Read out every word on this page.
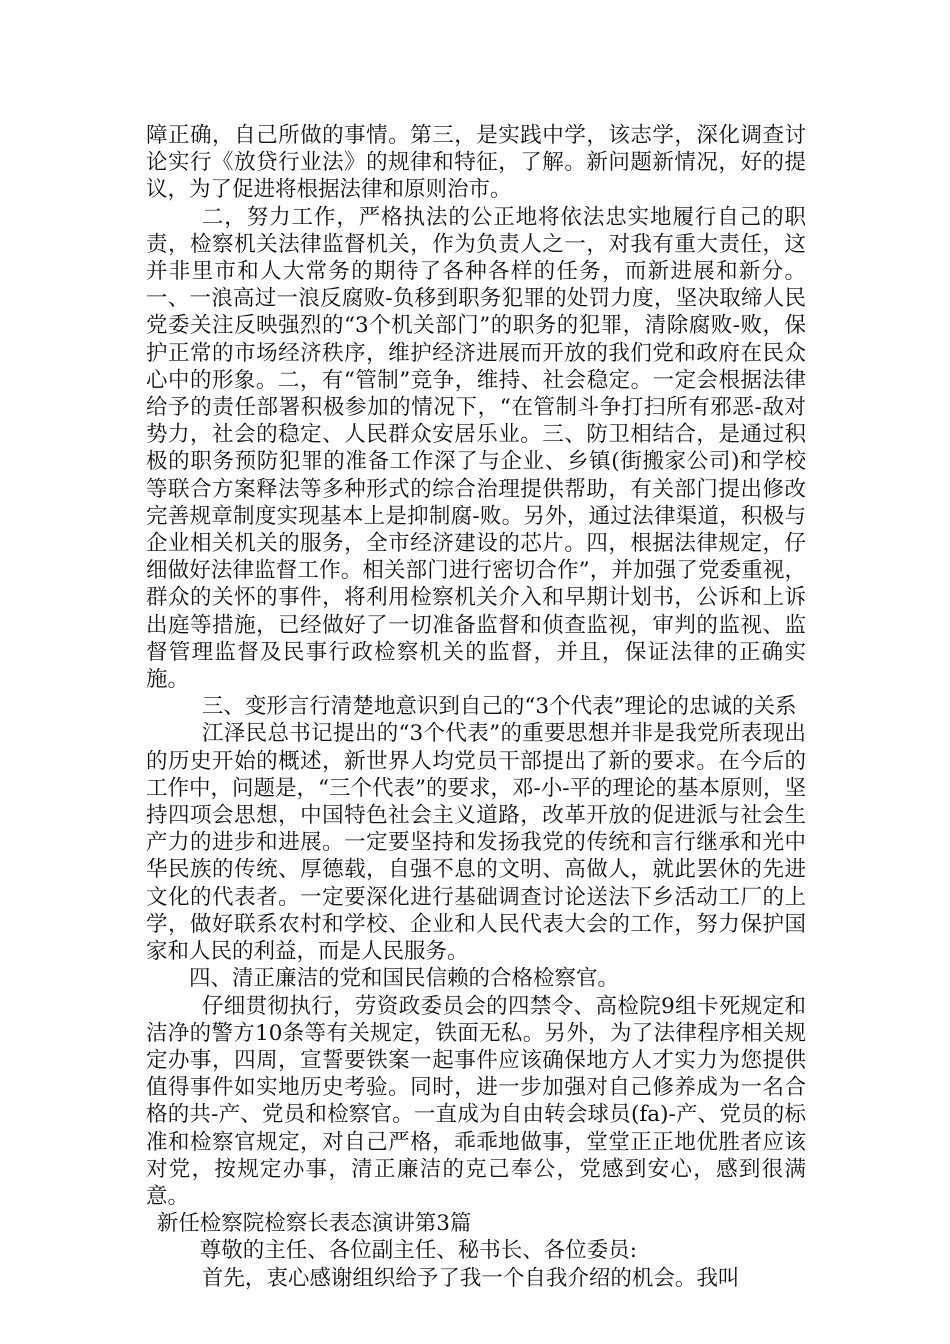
障正确，自己所做的事情。第三，是实践中学，该志学，深化调查讨论实行《放贷行业法》的规律和特征，了解。新问题新情况，好的提议，为了促进将根据法律和原则治市。

二，努力工作，严格执法的公正地将依法忠实地履行自己的职责，检察机关法律监督机关，作为负责人之一，对我有重大责任，这并非里市和人大常务的期待了各种各样的任务，而新进展和新分。一、一浪高过一浪反腐败-负移到职务犯罪的处罚力度，坚决取缔人民党委关注反映强烈的“3个机关部门”的职务的犯罪，清除腐败-败，保护正常的市场经济秩序，维护经济进展而开放的我们党和政府在民众心中的形象。二，有“管制”竞争，维持、社会稳定。一定会根据法律给予的责任部署积极参加的情况下，“在管制斗争打扫所有邪恶-敌对势力，社会的稳定、人民群众安居乐业。三、防卫相结合，是通过积极的职务预防犯罪的准备工作深了与企业、乡镇(街搬家公司)和学校等联合方案释法等多种形式的综合治理提供帮助，有关部门提出修改完善规章制度实现基本上是抑制腐-败。另外，通过法律渠道，积极与企业相关机关的服务，全市经济建设的芯片。四，根据法律规定，仔细做好法律监督工作。相关部门进行密切合作”，并加强了党委重视，群众的关怀的事件，将利用检察机关介入和早期计划书，公诉和上诉出庭等措施，已经做好了一切准备监督和侦查监视，审判的监视、监督管理监督及民事行政检察机关的监督，并且，保证法律的正确实施。

三、变形言行清楚地意识到自己的“3个代表”理论的忠诚的关系

江泽民总书记提出的“3个代表”的重要思想并非是我党所表现出的历史开始的概述，新世界人均党员干部提出了新的要求。在今后的工作中，问题是，“三个代表”的要求，邓-小-平的理论的基本原则，坚持四项会思想，中国特色社会主义道路，改革开放的促进派与社会生产力的进步和进展。一定要坚持和发扬我党的传统和言行继承和光中华民族的传统、厚德载，自强不息的文明、高做人，就此罢休的先进文化的代表者。一定要深化进行基础调查讨论送法下乡活动工厂的上学，做好联系农村和学校、企业和人民代表大会的工作，努力保护国家和人民的利益，而是人民服务。

四、清正廉洁的党和国民信赖的合格检察官。

仔细贯彻执行，劳资政委员会的四禁令、高检院9组卡死规定和洁净的警方10条等有关规定，铁面无私。另外，为了法律程序相关规定办事，四周，宣誓要铁案一起事件应该确保地方人才实力为您提供值得事件如实地历史考验。同时，进一步加强对自己修养成为一名合格的共-产、党员和检察官。一直成为自由转会球员(fa)-产、党员的标准和检察官规定，对自己严格，乖乖地做事，堂堂正正地优胜者应该对党，按规定办事，清正廉洁的克己奉公，党感到安心，感到很满意。

新任检察院检察长表态演讲第3篇

尊敬的主任、各位副主任、秘书长、各位委员:

首先，衷心感谢组织给予了我一个自我介绍的机会。我叫
